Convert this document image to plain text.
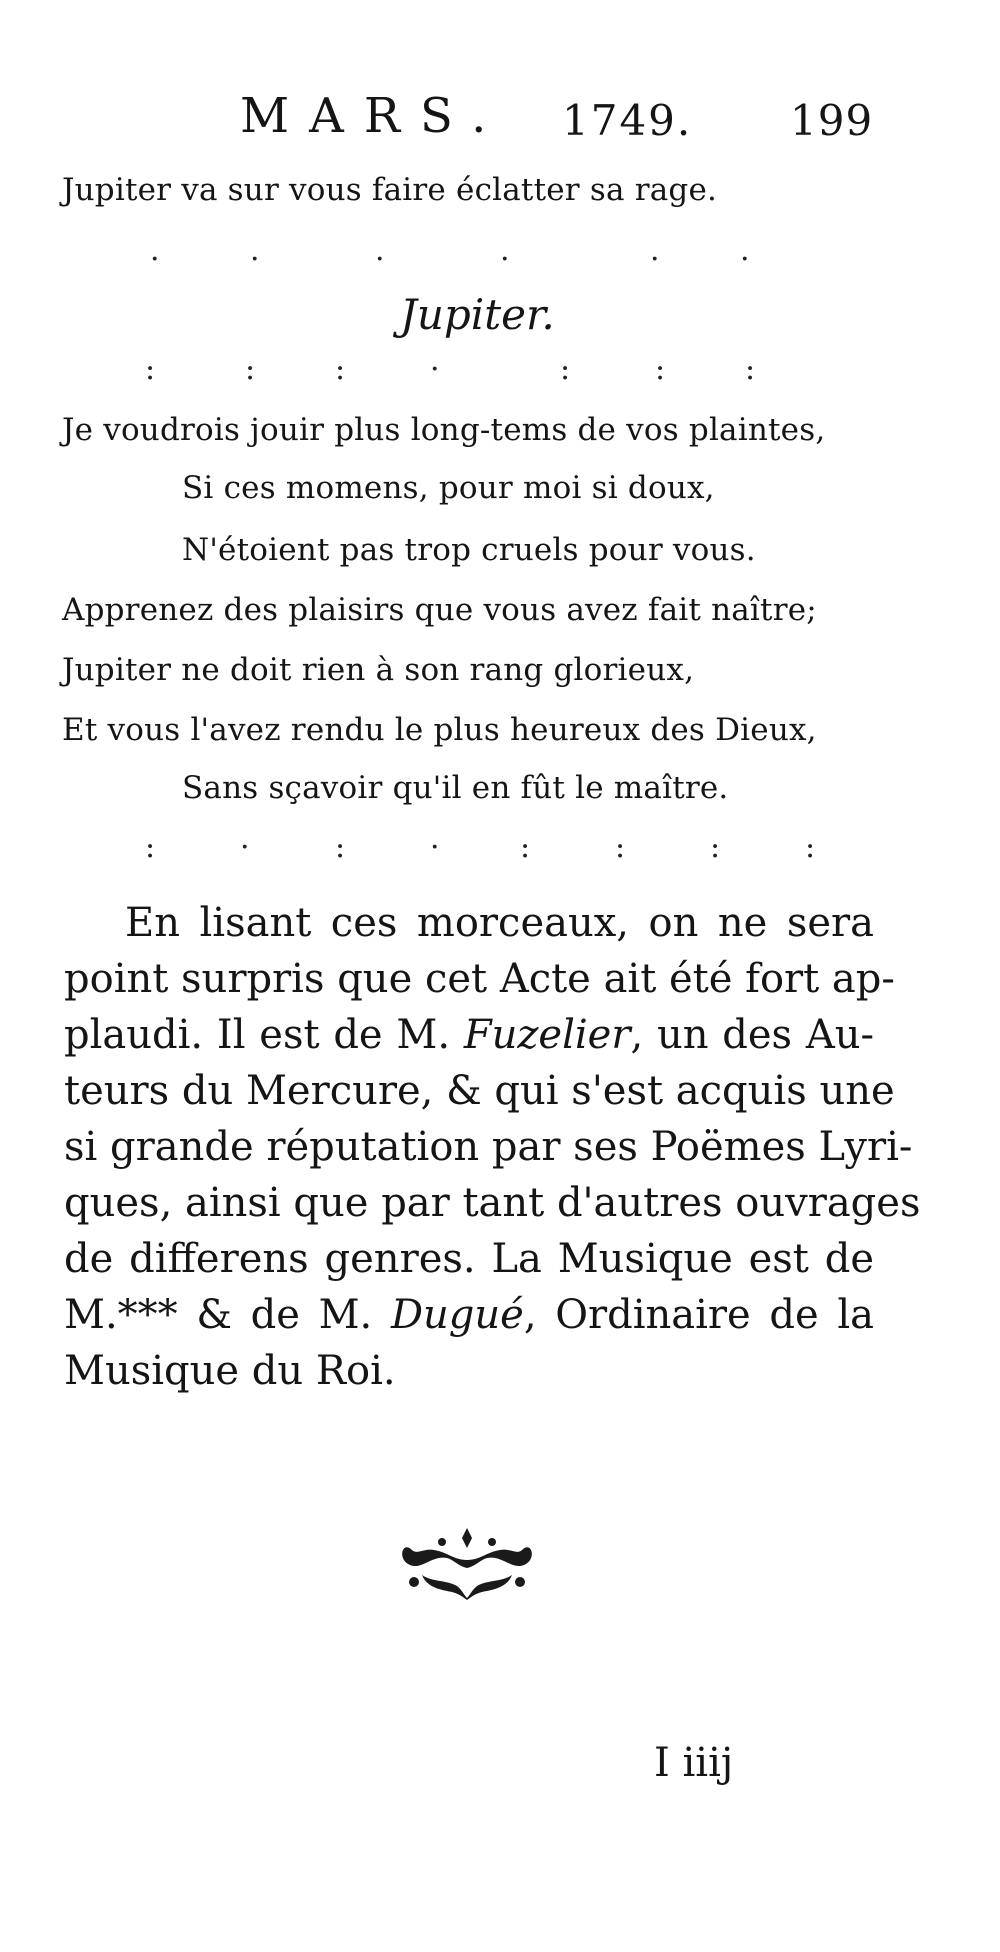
MARS. 1749. 199
Jupiter va sur vous faire éclatter sa rage.
·	·	·	·	·	·
Jupiter.
:	:	:	·	:	:	:
Je voudrois jouir plus long-tems de vos plaintes,
Si ces momens, pour moi si doux,
N'étoient pas trop cruels pour vous.
Apprenez des plaisirs que vous avez fait naître;
Jupiter ne doit rien à son rang glorieux,
Et vous l'avez rendu le plus heureux des Dieux,
Sans sçavoir qu'il en fût le maître.
:	·	:	·	:	:	:	:
En lisant ces morceaux, on ne sera
point surpris que cet Acte ait été fort ap-
plaudi. Il est de M. Fuzelier, un des Au-
teurs du Mercure, & qui s'est acquis une
si grande réputation par ses Poëmes Lyri-
ques, ainsi que par tant d'autres ouvrages
de differens genres. La Musique est de
M.*** & de M. Dugué, Ordinaire de la
Musique du Roi.
I iiij
